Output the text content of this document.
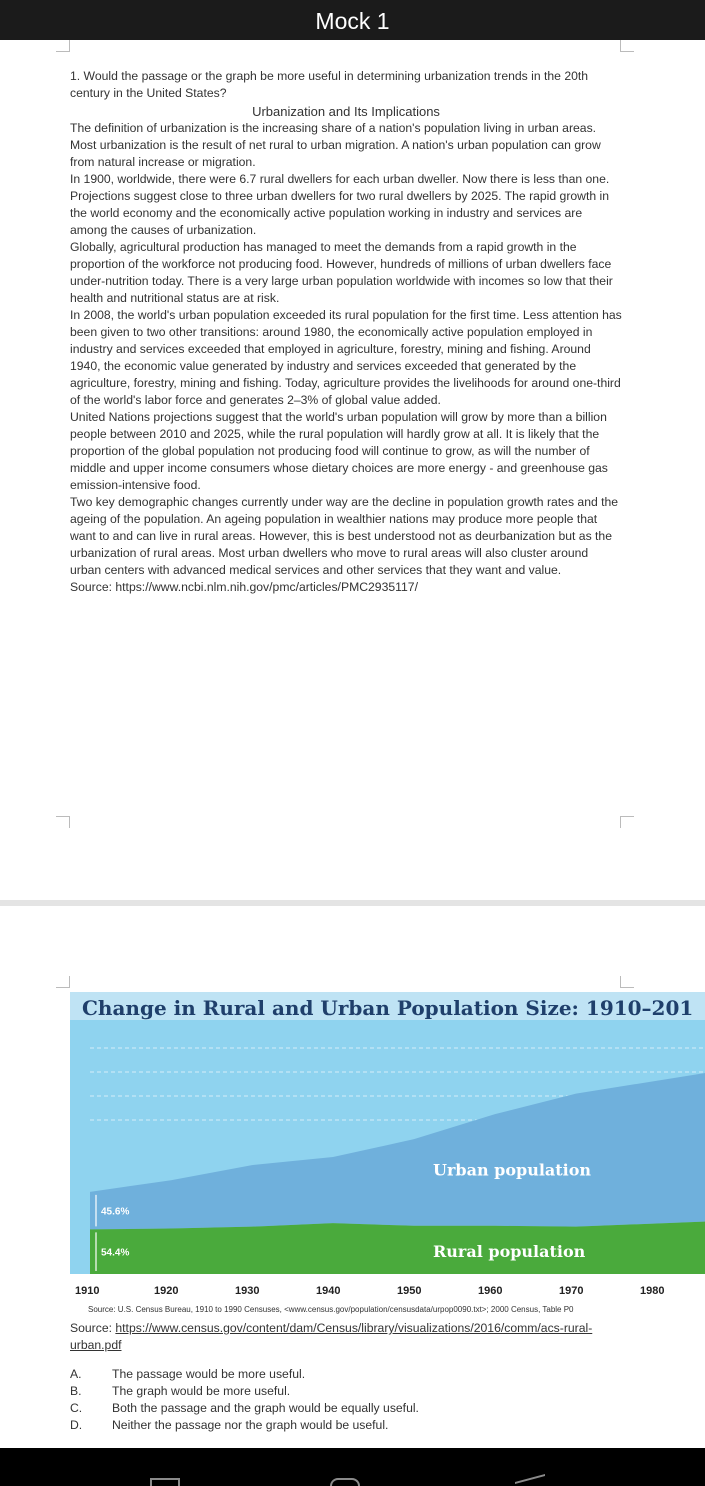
Mock 1
1. Would the passage or the graph be more useful in determining urbanization trends in the 20th century in the United States?
Urbanization and Its Implications
The definition of urbanization is the increasing share of a nation's population living in urban areas. Most urbanization is the result of net rural to urban migration. A nation's urban population can grow from natural increase or migration.
In 1900, worldwide, there were 6.7 rural dwellers for each urban dweller. Now there is less than one. Projections suggest close to three urban dwellers for two rural dwellers by 2025. The rapid growth in the world economy and the economically active population working in industry and services are among the causes of urbanization.
Globally, agricultural production has managed to meet the demands from a rapid growth in the proportion of the workforce not producing food. However, hundreds of millions of urban dwellers face under-nutrition today. There is a very large urban population worldwide with incomes so low that their health and nutritional status are at risk.
In 2008, the world's urban population exceeded its rural population for the first time. Less attention has been given to two other transitions: around 1980, the economically active population employed in industry and services exceeded that employed in agriculture, forestry, mining and fishing. Around 1940, the economic value generated by industry and services exceeded that generated by the agriculture, forestry, mining and fishing. Today, agriculture provides the livelihoods for around one-third of the world's labor force and generates 2–3% of global value added.
United Nations projections suggest that the world's urban population will grow by more than a billion people between 2010 and 2025, while the rural population will hardly grow at all. It is likely that the proportion of the global population not producing food will continue to grow, as will the number of middle and upper income consumers whose dietary choices are more energy - and greenhouse gas emission-intensive food.
Two key demographic changes currently under way are the decline in population growth rates and the ageing of the population. An ageing population in wealthier nations may produce more people that want to and can live in rural areas. However, this is best understood not as deurbanization but as the urbanization of rural areas. Most urban dwellers who move to rural areas will also cluster around urban centers with advanced medical services and other services that they want and value.
Source: https://www.ncbi.nlm.nih.gov/pmc/articles/PMC2935117/
1910	1920	1930	1940	1950	1960	1970	1980
Urban population
Rural population
45.6%
54.4%
Change in Rural and Urban Population Size: 1910–201
Source: U.S. Census Bureau, 1910 to 1990 Censuses, <www.census.gov/population/censusdata/urpop0090.txt>; 2000 Census, Table P0
Source: https://www.census.gov/content/dam/Census/library/visualizations/2016/comm/acs-rural-urban.pdf
A.	The passage would be more useful.
B.	The graph would be more useful.
C.	Both the passage and the graph would be equally useful.
D.	Neither the passage nor the graph would be useful.
